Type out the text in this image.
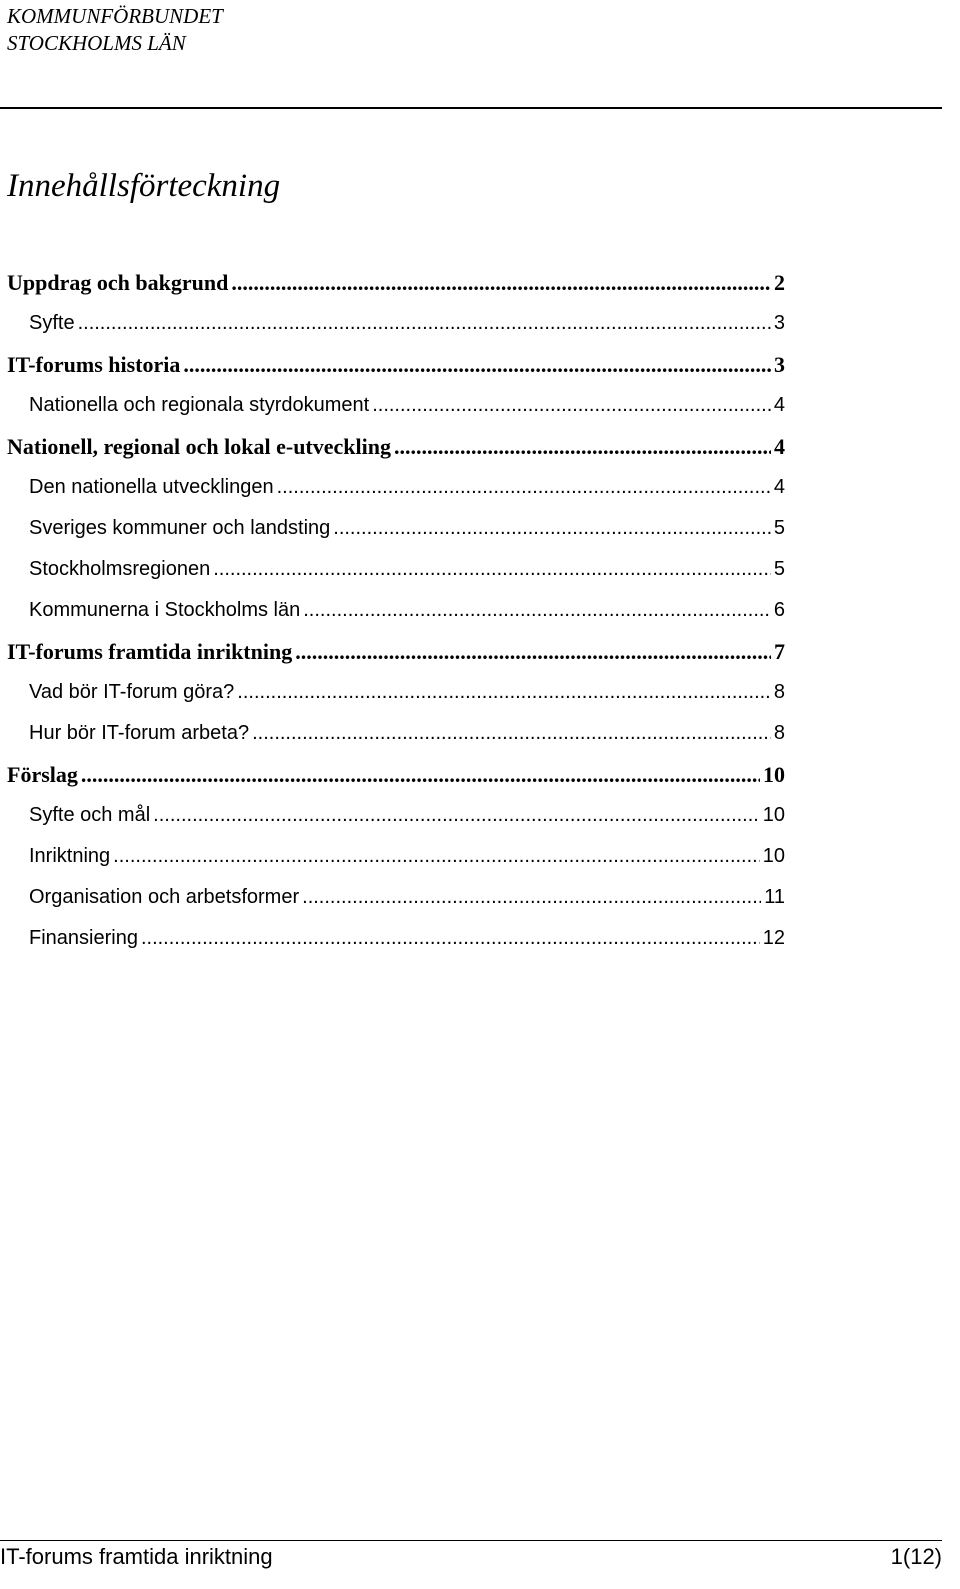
KOMMUNFÖRBUNDET
STOCKHOLMS LÄN
Innehållsförteckning
Uppdrag och bakgrund .....	2
Syfte .....	3
IT-forums historia .....	3
Nationella och regionala styrdokument .....	4
Nationell, regional och lokal e-utveckling .....	4
Den nationella utvecklingen .....	4
Sveriges kommuner och landsting .....	5
Stockholmsregionen .....	5
Kommunerna i Stockholms län .....	6
IT-forums framtida inriktning .....	7
Vad bör IT-forum göra? .....	8
Hur bör IT-forum arbeta? .....	8
Förslag .....	10
Syfte och mål .....	10
Inriktning .....	10
Organisation och arbetsformer .....	11
Finansiering .....	12
IT-forums framtida inriktning	1(12)
